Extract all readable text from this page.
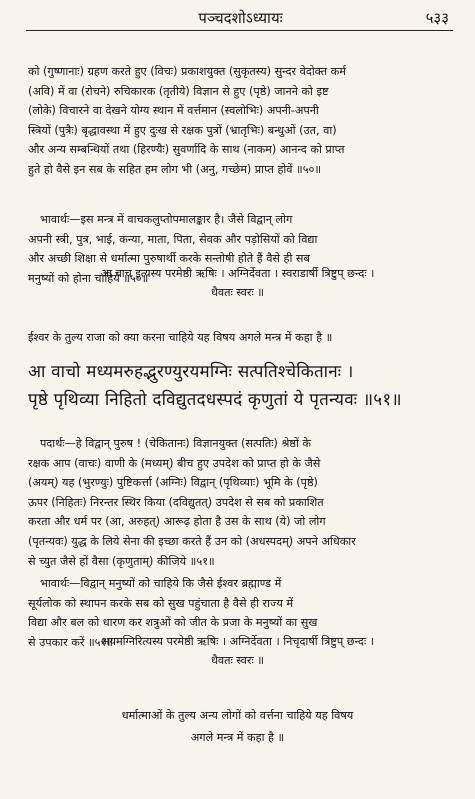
पञ्चदशोऽध्यायः	५३३
को (गुष्णानाः) ग्रहण करते हुए (विचः) प्रकाशयुक्त (सुकृतस्य) सुन्दर वेदोक्त कर्म
(अवि) में वा (रोचने) रुचिकारक (तृतीये) विज्ञान से हुए (पृष्ठे) जानने को इष्ट
(लोके) विचारने वा देखने योग्य स्थान में वर्त्तमान (स्वलोभिः) अपनी-अपनी
स्त्रियों (पुत्रैः) बृद्धावस्था में हुए दुःख से रक्षक पुत्रों (भ्रातृभिः) बन्धुओं (उत, वा)
और अन्य सम्बन्धियों तथा (हिरण्यैः) सुवर्णादि के साथ (नाकम) आनन्द को प्राप्त
हुते हो वैसे इन सब के सहित हम लोग भी (अनु, गच्छेम) प्राप्त होवें ॥५०॥
भावार्थः—इस मन्त्र में वाचकलुप्तोपमालङ्कार है। जैसे विद्वान् लोग
अपनी स्त्री, पुत्र, भाई, कन्या, माता, पिता, सेवक और पड़ोसियों को विद्या
और अच्छी शिक्षा से धर्मात्मा पुरुषार्थी करके सन्तोषी होते हैं वैसे ही सब
मनुष्यों को होना चाहिये ॥५०॥
आ वाच इत्यस्य परमेष्ठी ऋषिः । अग्निर्देवता । स्वराडार्षी त्रिष्टुप् छन्दः ।
धैवतः स्वरः ॥
ईश्वर के तुल्य राजा को क्या करना चाहिये यह विषय अगले मन्त्र में कहा है ॥
आ वाचो मध्यमरुहद्भुरण्युरयमग्निः सत्पतिश्चेकितानः ।
पृष्ठे पृथिव्या निहितो दविद्युतदधस्पदं कृणुतां ये पृतन्यवः ॥५१॥
पदार्थः—हे विद्वान् पुरुष ! (चेकितानः) विज्ञानयुक्त (सत्पतिः) श्रेष्ठों के
रक्षक आप (वाचः) वाणी के (मध्यम्) बीच हुए उपदेश को प्राप्त हो के जैसे
(अयम्) यह (भुरण्युः) पुष्टिकर्त्ता (अग्निः) विद्वान् (पृथिव्याः) भूमि के (पृष्ठे)
ऊपर (निहितः) निरन्तर स्थिर किया (दविद्युतत्) उपदेश से सब को प्रकाशित
करता और धर्म पर (आ, अरुहत्) आरूढ़ होता है उस के साथ (ये) जो लोग
(पृतन्यवः) युद्ध के लिये सेना की इच्छा करते हैं उन को (अधस्पदम्) अपने अधिकार
से च्युत जैसे हों वैसा (कृणुताम्) कीजिये ॥५१॥
भावार्थः—विद्वान् मनुष्यों को चाहिये कि जैसे ईश्वर ब्रह्माण्ड में
सूर्यलोक को स्थापन करके सब को सुख पहुंचाता है वैसे ही राज्य में
विद्या और बल को धारण कर शत्रुओं को जीत के प्रजा के मनुष्यों का सुख
से उपकार करें ॥५१॥
अयमग्निरित्यस्य परमेष्ठी ऋषिः । अग्निर्देवता । निचृदार्षी त्रिष्टुप् छन्दः ।
धैवतः स्वरः ॥
धर्मात्माओं के तुल्य अन्य लोगों को वर्त्तना चाहिये यह विषय
अगले मन्त्र में कहा है ॥
